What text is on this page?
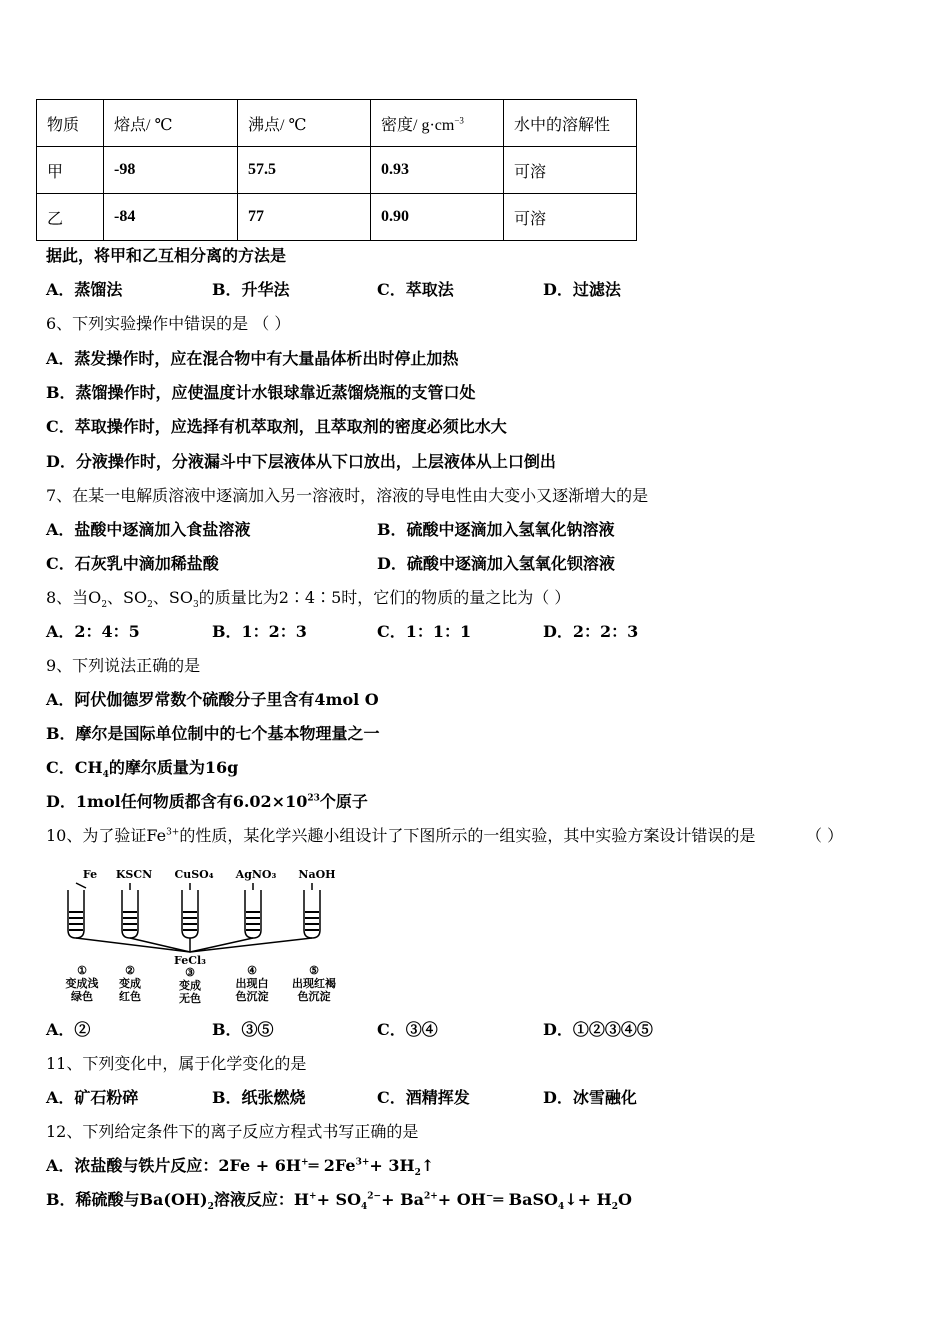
物质	熔点/ ℃	沸点/ ℃	密度/ $g\cdot cm^{-3}$	水中的溶解性
甲	-98	57.5	0.93	可溶
乙	-84	77	0.90	可溶
据此，将甲和乙互相分离的方法是
A．蒸馏法	B．升华法	C．萃取法	D．过滤法
6、下列实验操作中错误的是 （ ）
A．蒸发操作时，应在混合物中有大量晶体析出时停止加热
B．蒸馏操作时，应使温度计水银球靠近蒸馏烧瓶的支管口处
C．萃取操作时，应选择有机萃取剂，且萃取剂的密度必须比水大
D．分液操作时，分液漏斗中下层液体从下口放出，上层液体从上口倒出
7、在某一电解质溶液中逐滴加入另一溶液时，溶液的导电性由大变小又逐渐增大的是
A．盐酸中逐滴加入食盐溶液	B．硫酸中逐滴加入氢氧化钠溶液
C．石灰乳中滴加稀盐酸	D．硫酸中逐滴加入氢氧化钡溶液
8、当$O_2$、$SO_2$、$SO_3$的质量比为2∶4∶5时，它们的物质的量之比为（ ）
A．2：4：5	B．1：2：3	C．1：1：1	D．2：2：3
9、下列说法正确的是
A．阿伏伽德罗常数个硫酸分子里含有4mol O
B．摩尔是国际单位制中的七个基本物理量之一
C．$CH_4$的摩尔质量为16g
D．1mol任何物质都含有$6.02\times 10^{23}$个原子
10、为了验证$Fe^{3+}$的性质，某化学兴趣小组设计了下图所示的一组实验，其中实验方案设计错误的是	（ ）
Fe KSCN CuSO₄ AgNO₃ NaOH
FeCl₃
①	②	③	④	⑤
变成浅 变成	变成	出现白 出现红褐
绿色 红色	无色	色沉淀	色沉淀
A．②	B．③⑤	C．③④	D．①②③④⑤
11、下列变化中，属于化学变化的是
A．矿石粉碎	B．纸张燃烧	C．酒精挥发	D．冰雪融化
12、下列给定条件下的离子反应方程式书写正确的是
A．浓盐酸与铁片反应：2Fe + 6H+═ $2Fe^{3+}+$ $3H_2↑$
B．稀硫酸与$Ba(OH)_2$溶液反应：$H^++ SO_4^{2-}+ Ba^{2+}+$ OH−═ BaSO$_4$↓+ $H_2O$
